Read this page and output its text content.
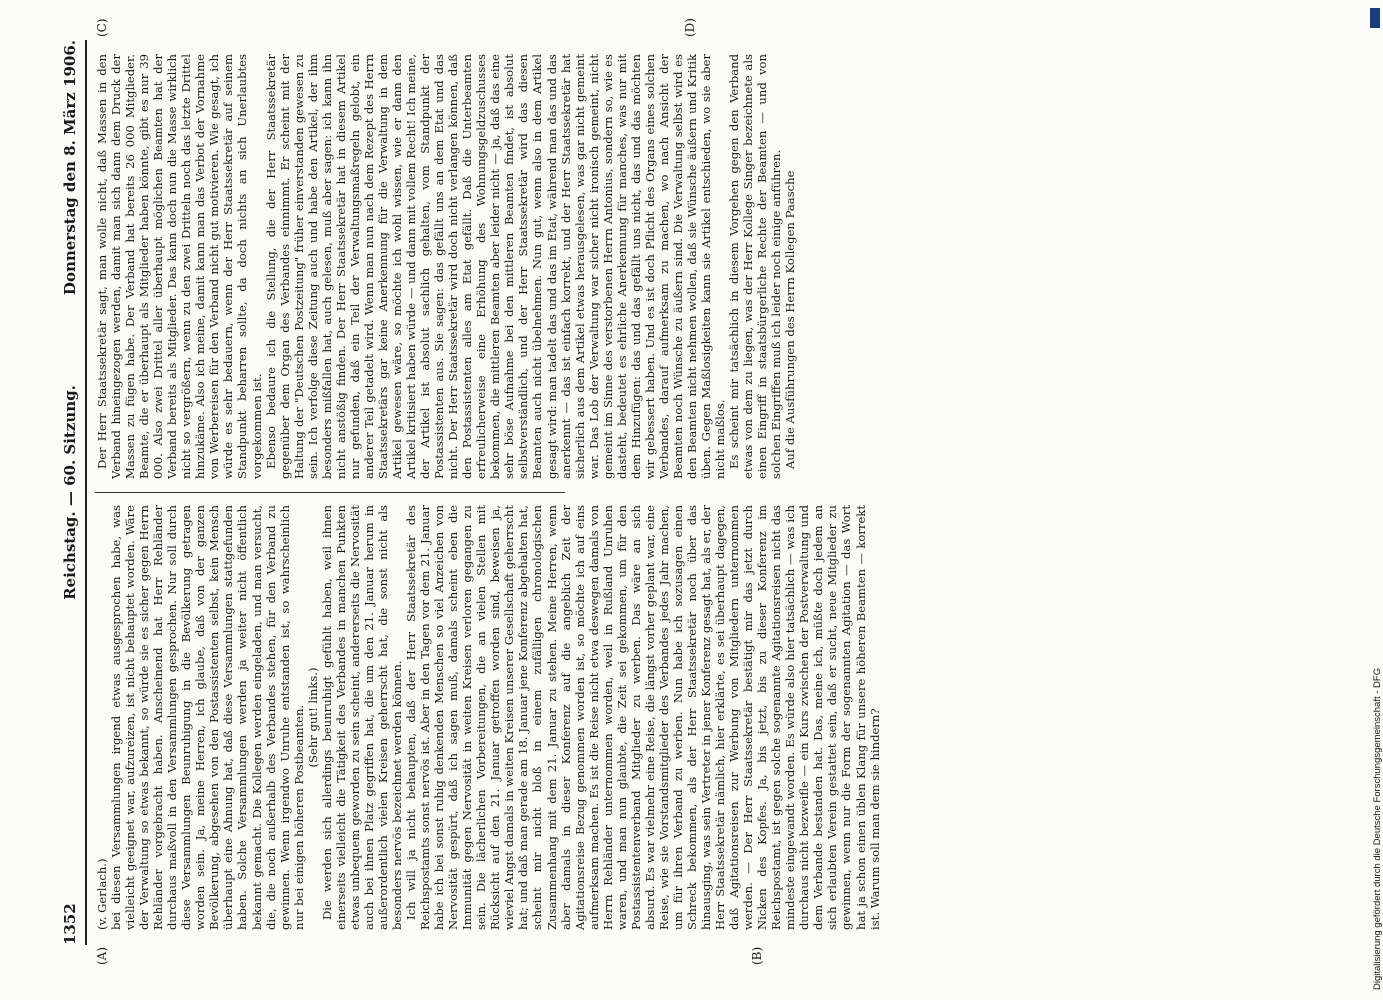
1352
Reichstag. — 60. Sitzung.
Donnerstag den 8. März 1906.
(A)	(B)
(C)	(D)

(v. Gerlach.) bei diesen Versammlungen irgend etwas ausgesprochen habe, was vielleicht geeignet war, aufzureizen, ist nicht behauptet worden. Wäre der Verwaltung so etwas bekannt, so würde sie es sicher gegen Herrn Rehländer vorgebracht haben. Anscheinend hat Herr Rehländer durchaus maßvoll in den Versammlungen gesprochen. Nur soll durch diese Versammlungen Beunruhigung in die Bevölkerung getragen worden sein. Ja, meine Herren, ich glaube, daß von der ganzen Bevölkerung, abgesehen von den Postassistenten selbst, kein Mensch überhaupt eine Ahnung hat, daß diese Versammlungen stattgefunden haben. Solche Versammlungen werden ja weiter nicht öffentlich bekannt gemacht. Die Kollegen werden eingeladen, und man versucht, die, die noch außerhalb des Verbandes stehen, für den Verband zu gewinnen. Wenn irgendwo Unruhe entstanden ist, so wahrscheinlich nur bei einigen höheren Postbeamten. (Sehr gut! links.) Die werden sich allerdings beunruhigt gefühlt haben, weil ihnen einerseits vielleicht die Tätigkeit des Verbandes in manchen Punkten etwas unbequem geworden zu sein scheint, andererseits die Nervosität auch bei ihnen Platz gegriffen hat, die um den 21. Januar herum in außerordentlich vielen Kreisen geherrscht hat, die sonst nicht als besonders nervös bezeichnet werden können. Ich will ja nicht behaupten, daß der Herr Staatssekretär des Reichspostamts sonst nervös ist. Aber in den Tagen vor dem 21. Januar habe ich bei sonst ruhig denkenden Menschen so viel Anzeichen von Nervosität gespürt, daß ich sagen muß, damals scheint eben die Immunität gegen Nervosität in weiten Kreisen verloren gegangen zu sein. Die lächerlichen Vorbereitungen, die an vielen Stellen mit Rücksicht auf den 21. Januar getroffen worden sind, beweisen ja, wieviel Angst damals in weiten Kreisen unserer Gesellschaft geherrscht hat; und daß man gerade am 18. Januar jene Konferenz abgehalten hat, scheint mir nicht bloß in einem zufälligen chronologischen Zusammenhang mit dem 21. Januar zu stehen. Meine Herren, wenn aber damals in dieser Konferenz auf die angeblich Zeit der Agitationsreise Bezug genommen worden ist, so möchte ich auf eins aufmerksam machen. Es ist die Reise nicht etwa deswegen damals von Herrn Rehländer unternommen worden, weil in Rußland Unruhen waren, und man nun glaubte, die Zeit sei gekommen, um für den Postassistentenverband Mitglieder zu werben. Das wäre an sich absurd. Es war vielmehr eine Reise, die längst vorher geplant war, eine Reise, wie sie Vorstandsmitglieder des Verbandes jedes Jahr machen, um für ihren Verband zu werben. Nun habe ich sozusagen einen Schreck bekommen, als der Herr Staatssekretär noch über das hinausging, was sein Vertreter in jener Konferenz gesagt hat, als er, der Herr Staatssekretär nämlich, hier erklärte, es sei überhaupt dagegen, daß Agitationsreisen zur Werbung von Mitgliedern unternommen werden. — Der Herr Staatssekretär bestätigt mir das jetzt durch Nicken des Kopfes. Ja, bis jetzt, bis zu dieser Konferenz im Reichspostamt, ist gegen solche sogenannte Agitationsreisen nicht das mindeste eingewandt worden. Es würde also hier tatsächlich — was ich durchaus nicht bezweifle — ein Kurs zwischen der Postverwaltung und dem Verbande bestanden hat. Das, meine ich, müßte doch jedem an sich erlaubten Verein gestattet sein, daß er sucht, neue Mitglieder zu gewinnen, wenn nur die Form der sogenannten Agitation — das Wort hat ja schon einen üblen Klang für unsere höheren Beamten — korrekt ist. Warum soll man dem sie hindern?

Der Herr Staatssekretär sagt, man wolle nicht, daß Massen in den Verband hineingezogen werden, damit man sich dann dem Druck der Massen zu fügen habe. Der Verband hat bereits 26 000 Mitglieder. Beamte, die er überhaupt als Mitglieder haben könnte, gibt es nur 39 000. Also zwei Drittel aller überhaupt möglichen Beamten hat der Verband bereits als Mitglieder. Das kann doch nun die Masse wirklich nicht so vergrößern, wenn zu den zwei Dritteln noch das letzte Drittel hinzukäme. Also ich meine, damit kann man das Verbot der Vornahme von Werbereisen für den Verband nicht gut motivieren. Wie gesagt, ich würde es sehr bedauern, wenn der Herr Staatssekretär auf seinem Standpunkt beharren sollte, da doch nichts an sich Unerlaubtes vorgekommen ist. Ebenso bedaure ich die Stellung, die der Herr Staatssekretär gegenüber dem Organ des Verbandes einnimmt. Er scheint mit der Haltung der "Deutschen Postzeitung" früher einverstanden gewesen zu sein. Ich verfolge diese Zeitung auch und habe den Artikel, der ihm besonders mißfallen hat, auch gelesen, muß aber sagen: ich kann ihn nicht anstößig finden. Der Herr Staatssekretär hat in diesem Artikel nur gefunden, daß ein Teil der Verwaltungsmaßregeln gelobt, ein anderer Teil getadelt wird. Wenn man nun nach dem Rezept des Herrn Staatssekretärs gar keine Anerkennung für die Verwaltung in dem Artikel gewesen wäre, so möchte ich wohl wissen, wie er dann den Artikel kritisiert haben würde — und dann mit vollem Recht! Ich meine, der Artikel ist absolut sachlich gehalten, vom Standpunkt der Postassistenten aus. Sie sagen: das gefällt uns an dem Etat und das nicht. Der Herr Staatssekretär wird doch nicht verlangen können, daß den Postassistenten alles am Etat gefällt. Daß die Unterbeamten erfreulicherweise eine Erhöhung des Wohnungsgeldzuschusses bekommen, die mittleren Beamten aber leider nicht — ja, daß das eine sehr böse Aufnahme bei den mittleren Beamten findet, ist absolut selbstverständlich, und der Herr Staatssekretär wird das diesen Beamten auch nicht übelnehmen. Nun gut, wenn also in dem Artikel gesagt wird: man tadelt das und das im Etat, während man das und das anerkennt — das ist einfach korrekt, und der Herr Staatssekretär hat sicherlich aus dem Artikel etwas herausgelesen, was gar nicht gemeint war. Das Lob der Verwaltung war sicher nicht ironisch gemeint, nicht gemeint im Sinne des verstorbenen Herrn Antonius, sondern so, wie es dasteht, bedeutet es ehrliche Anerkennung für manches, was nur mit dem Hinzufügen: das und das gefällt uns nicht, das und das möchten wir gebessert haben. Und es ist doch Pflicht des Organs eines solchen Verbandes, darauf aufmerksam zu machen, wo nach Ansicht der Beamten noch Wünsche zu äußern sind. Die Verwaltung selbst wird es den Beamten nicht nehmen wollen, daß sie Wünsche äußern und Kritik üben. Gegen Maßlosigkeiten kann sie Artikel entschieden, wo sie aber nicht maßlos. Es scheint mir tatsächlich in diesem Vorgehen gegen den Verband etwas von dem zu liegen, was der Herr Kollege Singer bezeichnete als einen Eingriff in staatsbürgerliche Rechte der Beamten — und von solchen Eingriffen muß ich leider noch einige anführen. Auf die Ausführungen des Herrn Kollegen Paasche

Digitalisierung gefördert durch die Deutsche Forschungsgemeinschaft - DFG
